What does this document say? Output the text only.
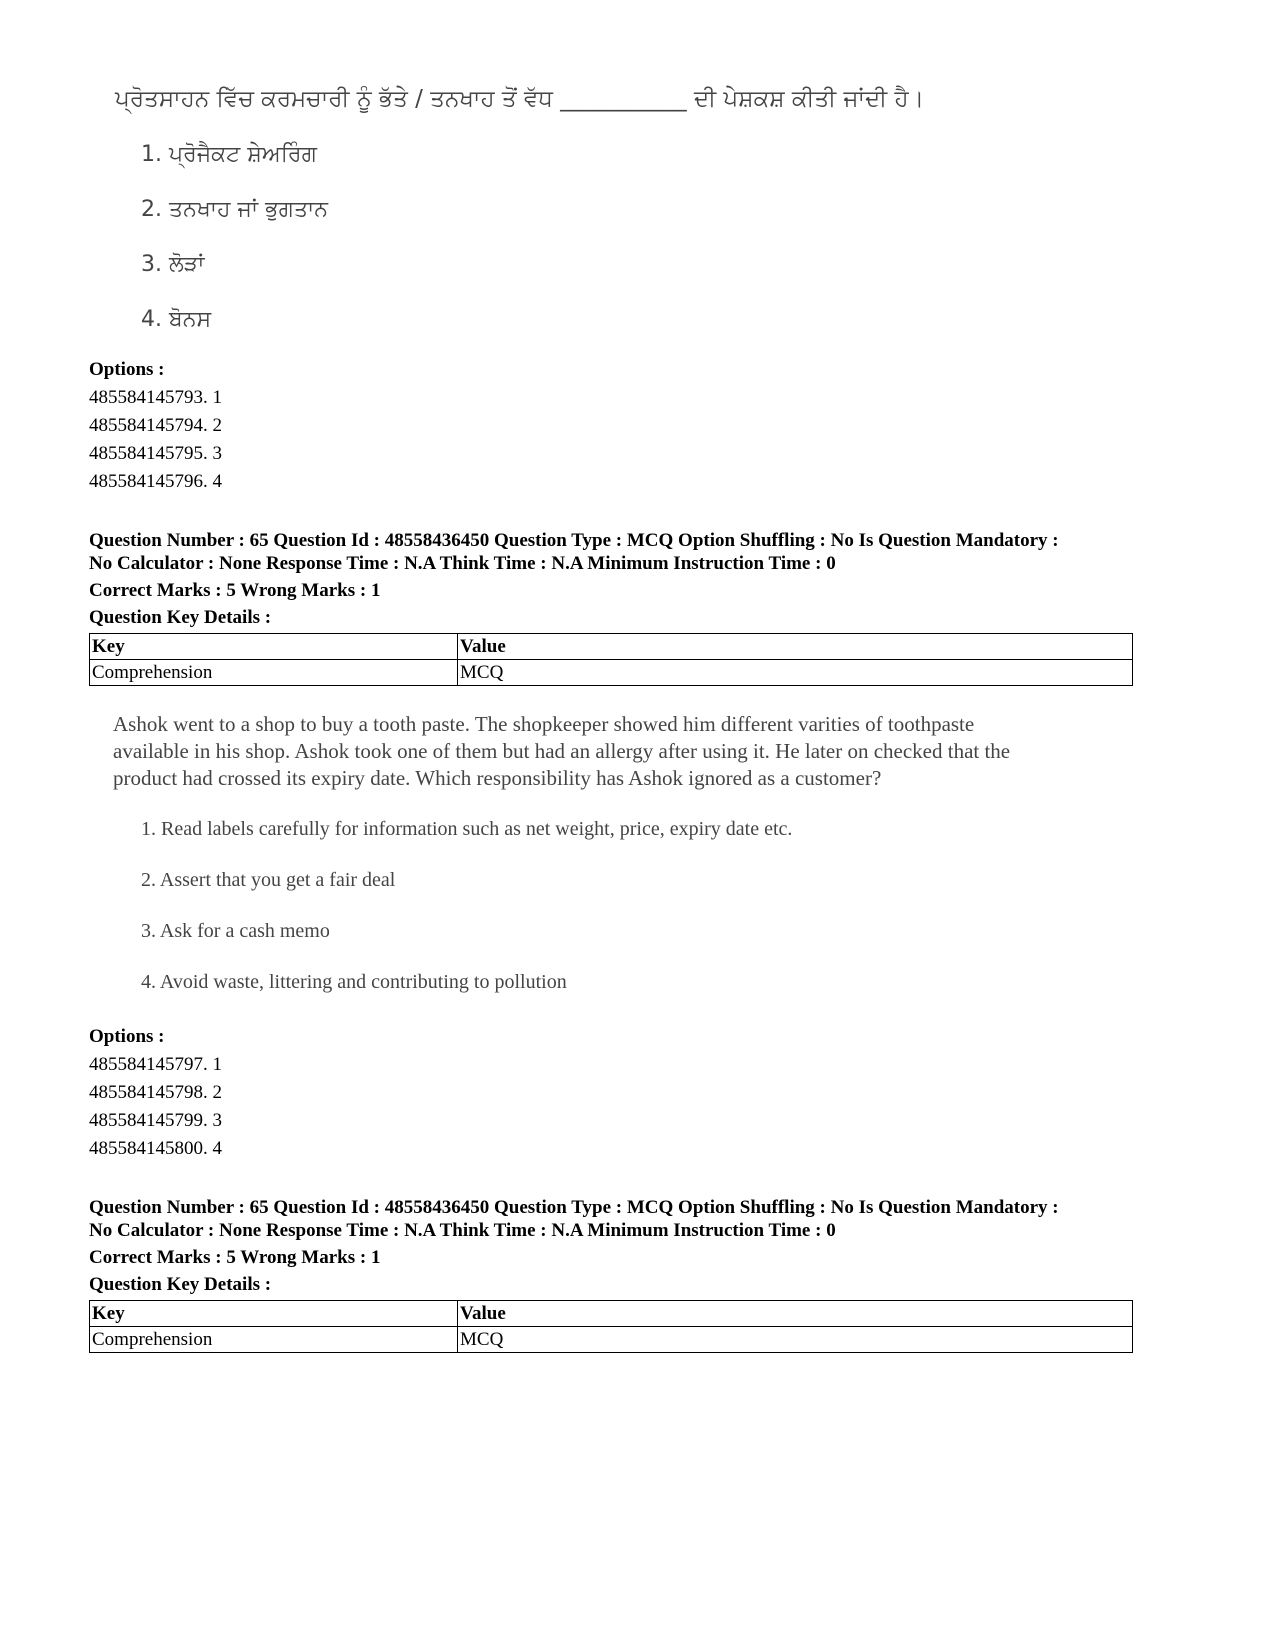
ਪ੍ਰੋਤਸਾਹਨ ਵਿੱਚ ਕਰਮਚਾਰੀ ਨੂੰ ਭੱਤੇ / ਤਨਖਾਹ ਤੋਂ ਵੱਧ ___________ ਦੀ ਪੇਸ਼ਕਸ਼ ਕੀਤੀ ਜਾਂਦੀ ਹੈ।
1. ਪ੍ਰੋਜੈਕਟ ਸ਼ੇਅਰਿੰਗ
2. ਤਨਖਾਹ ਜਾਂ ਭੁਗਤਾਨ
3. ਲੋੜਾਂ
4. ਬੋਨਸ
Options :
485584145793. 1
485584145794. 2
485584145795. 3
485584145796. 4
Question Number : 65 Question Id : 48558436450 Question Type : MCQ Option Shuffling : No Is Question Mandatory :
No Calculator : None Response Time : N.A Think Time : N.A Minimum Instruction Time : 0
Correct Marks : 5 Wrong Marks : 1
Question Key Details :
Key	Value
Comprehension	MCQ
Ashok went to a shop to buy a tooth paste. The shopkeeper showed him different varities of toothpaste
available in his shop. Ashok took one of them but had an allergy after using it. He later on checked that the
product had crossed its expiry date. Which responsibility has Ashok ignored as a customer?
1. Read labels carefully for information such as net weight, price, expiry date etc.
2. Assert that you get a fair deal
3. Ask for a cash memo
4. Avoid waste, littering and contributing to pollution
Options :
485584145797. 1
485584145798. 2
485584145799. 3
485584145800. 4
Question Number : 65 Question Id : 48558436450 Question Type : MCQ Option Shuffling : No Is Question Mandatory :
No Calculator : None Response Time : N.A Think Time : N.A Minimum Instruction Time : 0
Correct Marks : 5 Wrong Marks : 1
Question Key Details :
Key	Value
Comprehension	MCQ
